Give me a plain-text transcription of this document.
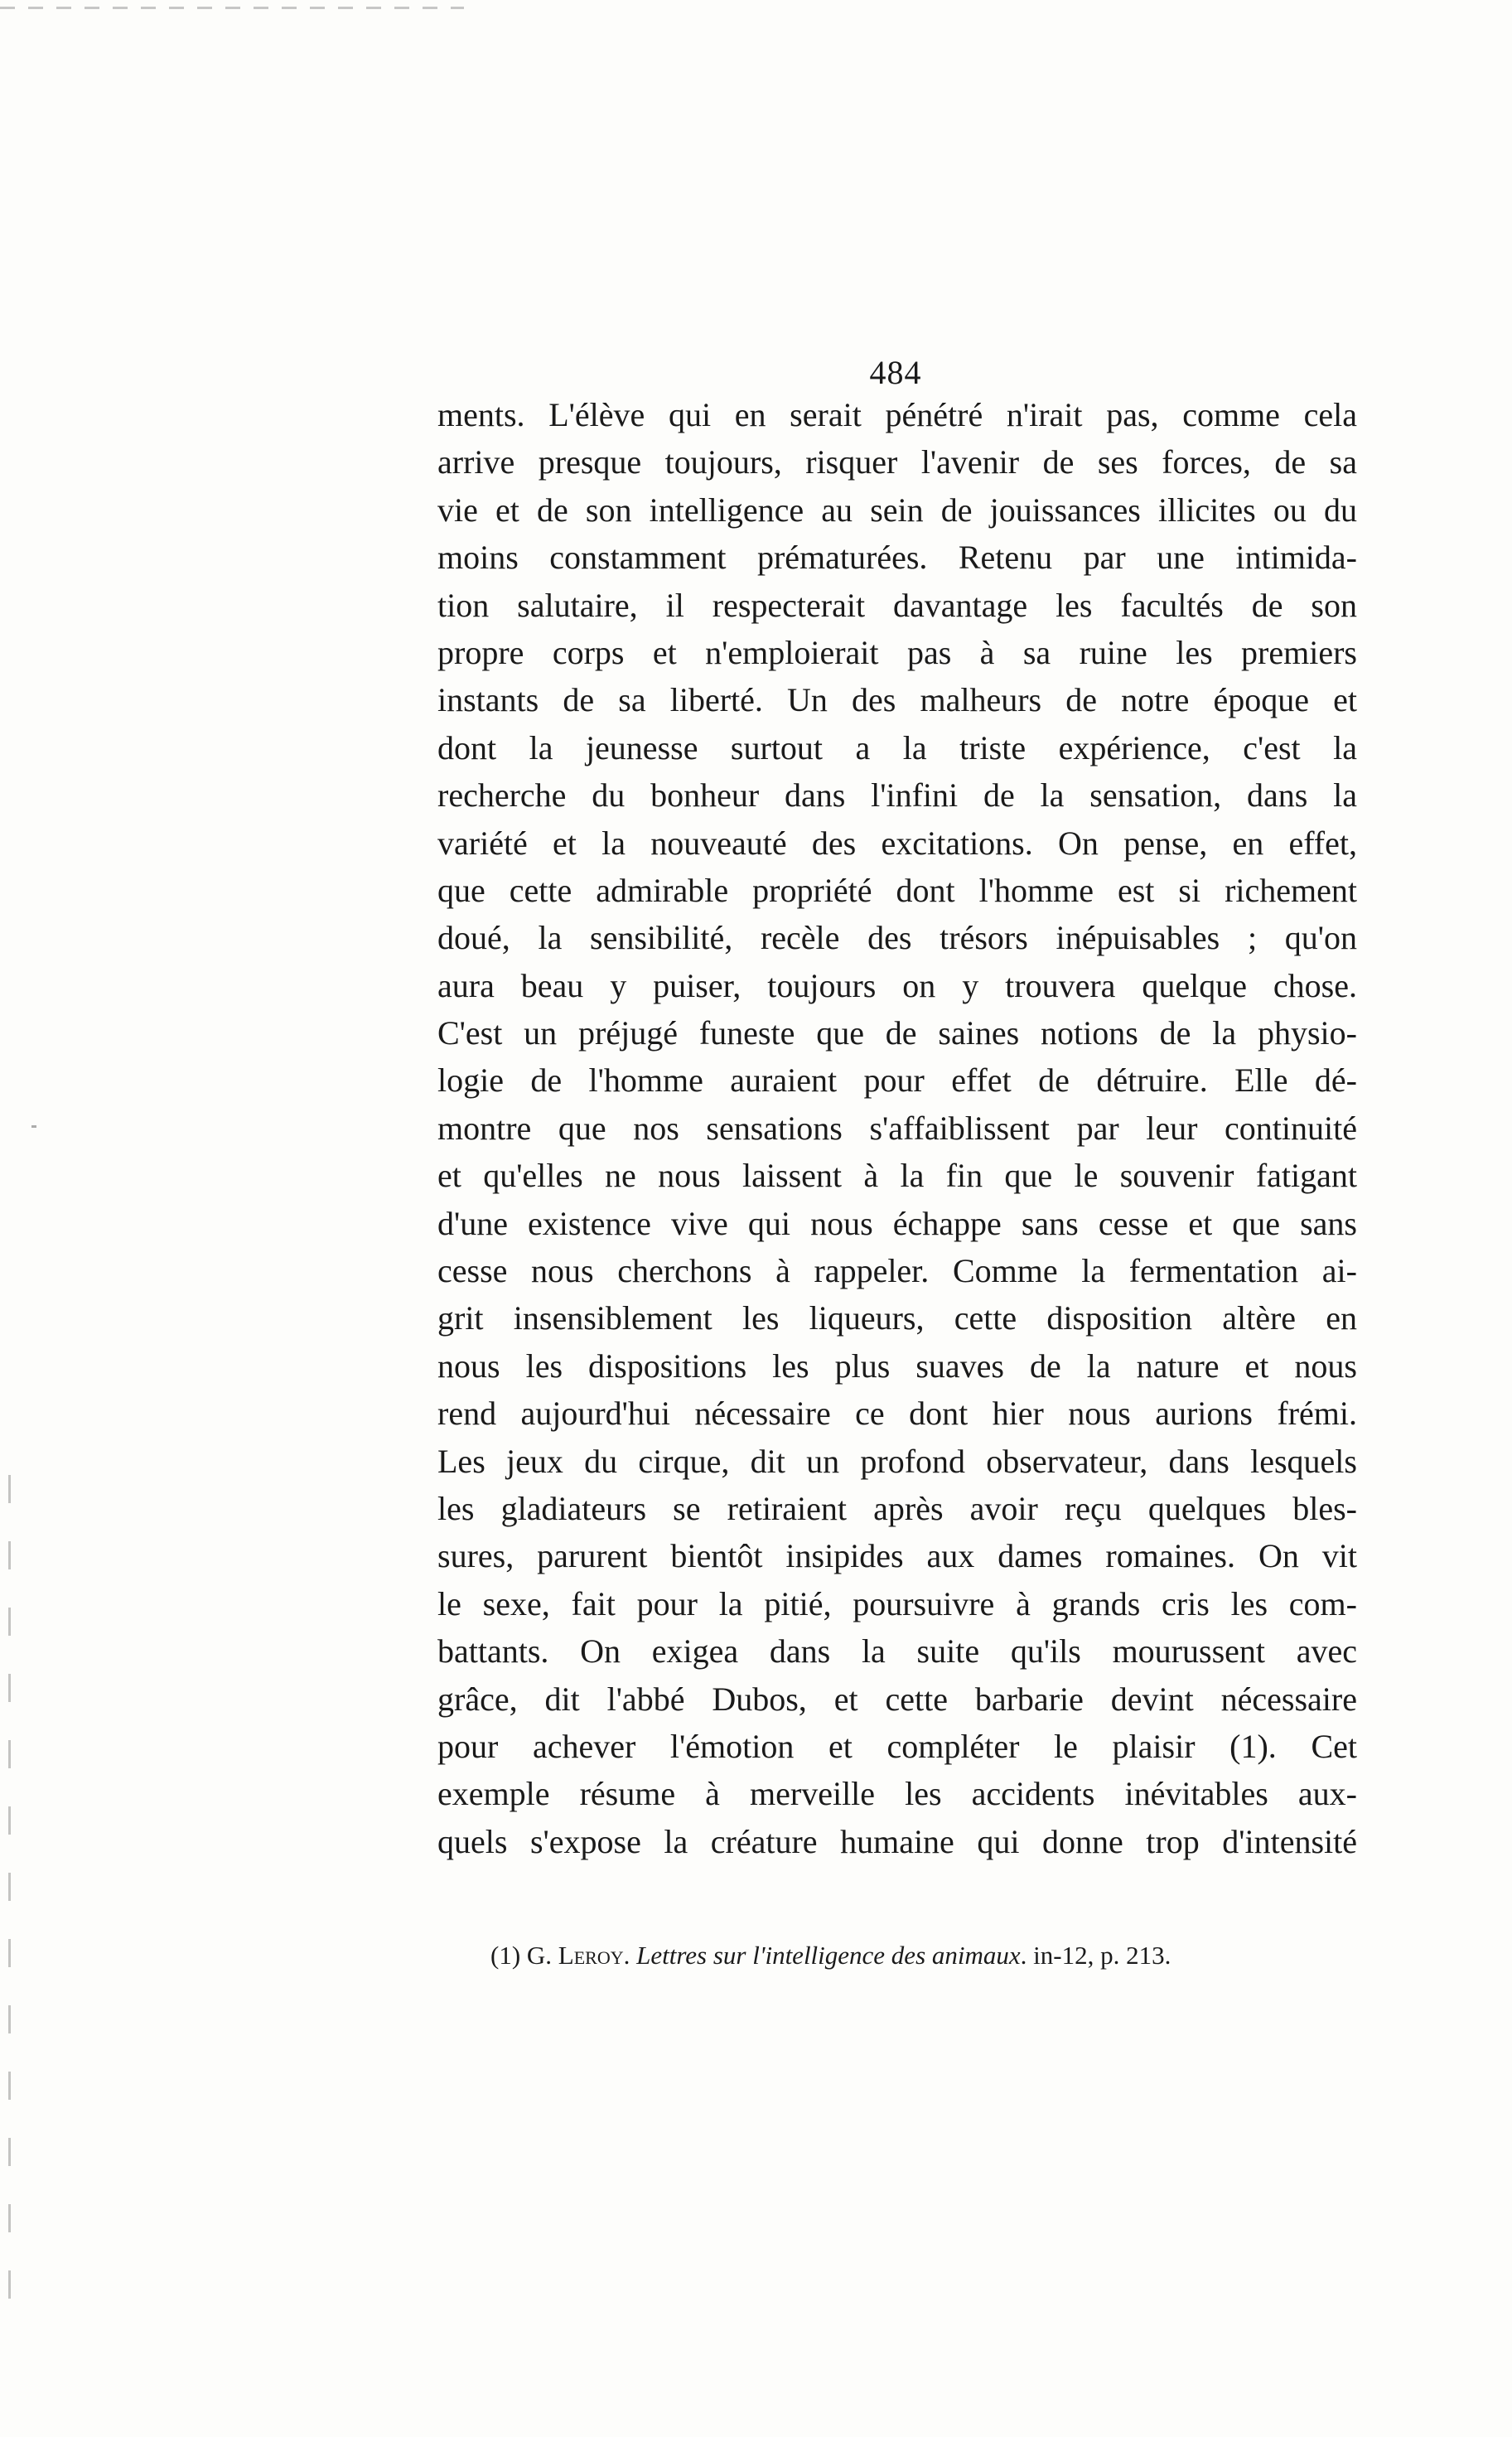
484
ments. L'élève qui en serait pénétré n'irait pas, comme cela
arrive presque toujours, risquer l'avenir de ses forces, de sa
vie et de son intelligence au sein de jouissances illicites ou du
moins constamment prématurées. Retenu par une intimida-
tion salutaire, il respecterait davantage les facultés de son
propre corps et n'emploierait pas à sa ruine les premiers
instants de sa liberté. Un des malheurs de notre époque et
dont la jeunesse surtout a la triste expérience, c'est la
recherche du bonheur dans l'infini de la sensation, dans la
variété et la nouveauté des excitations. On pense, en effet,
que cette admirable propriété dont l'homme est si richement
doué, la sensibilité, recèle des trésors inépuisables ; qu'on
aura beau y puiser, toujours on y trouvera quelque chose.
C'est un préjugé funeste que de saines notions de la physio-
logie de l'homme auraient pour effet de détruire. Elle dé-
montre que nos sensations s'affaiblissent par leur continuité
et qu'elles ne nous laissent à la fin que le souvenir fatigant
d'une existence vive qui nous échappe sans cesse et que sans
cesse nous cherchons à rappeler. Comme la fermentation ai-
grit insensiblement les liqueurs, cette disposition altère en
nous les dispositions les plus suaves de la nature et nous
rend aujourd'hui nécessaire ce dont hier nous aurions frémi.
Les jeux du cirque, dit un profond observateur, dans lesquels
les gladiateurs se retiraient après avoir reçu quelques bles-
sures, parurent bientôt insipides aux dames romaines. On vit
le sexe, fait pour la pitié, poursuivre à grands cris les com-
battants. On exigea dans la suite qu'ils mourussent avec
grâce, dit l'abbé Dubos, et cette barbarie devint nécessaire
pour achever l'émotion et compléter le plaisir (1). Cet
exemple résume à merveille les accidents inévitables aux-
quels s'expose la créature humaine qui donne trop d'intensité

(1) G. Leroy. Lettres sur l'intelligence des animaux. in-12, p. 213.
